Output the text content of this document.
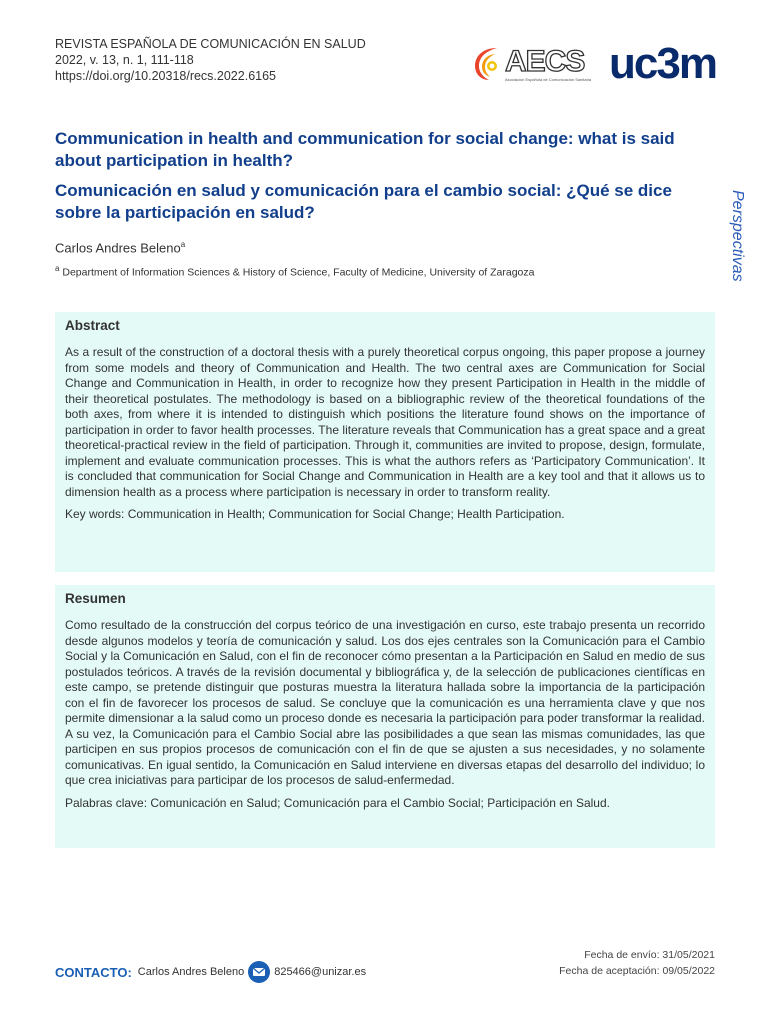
REVISTA ESPAÑOLA DE COMUNICACIÓN EN SALUD
2022, v. 13, n. 1, 111-118
https://doi.org/10.20318/recs.2022.6165	AECS
Asociación Española de Comunicación Sanitaria uc3m
Communication in health and communication for social change: what is said about participation in health?
Comunicación en salud y comunicación para el cambio social: ¿Qué se dice sobre la participación en salud?	Perspectivas
Carlos Andres Beleno$^a$
$^a$ Department of Information Sciences & History of Science, Faculty of Medicine, University of Zaragoza
Abstract

As a result of the construction of a doctoral thesis with a purely theoretical corpus ongoing, this paper propose a journey from some models and theory of Communication and Health. The two central axes are Communication for Social Change and Communication in Health, in order to recognize how they present Participation in Health in the middle of their theoretical postulates. The methodology is based on a bibliographic review of the theoretical foundations of the both axes, from where it is intended to distinguish which positions the literature found shows on the importance of participation in order to favor health processes. The literature reveals that Communication has a great space and a great theoretical-practical review in the field of participation. Through it, communities are invited to propose, design, formulate, implement and evaluate communication processes. This is what the authors refers as ‘Participatory Communication’. It is concluded that communication for Social Change and Communication in Health are a key tool and that it allows us to dimension health as a process where participation is necessary in order to transform reality.

Key words: Communication in Health; Communication for Social Change; Health Participation.

Resumen

Como resultado de la construcción del corpus teórico de una investigación en curso, este trabajo presenta un recorrido desde algunos modelos y teoría de comunicación y salud. Los dos ejes centrales son la Comunicación para el Cambio Social y la Comunicación en Salud, con el fin de reconocer cómo presentan a la Participación en Salud en medio de sus postulados teóricos. A través de la revisión documental y bibliográfica y, de la selección de publicaciones científicas en este campo, se pretende distinguir que posturas muestra la literatura hallada sobre la importancia de la participación con el fin de favorecer los procesos de salud. Se concluye que la comunicación es una herramienta clave y que nos permite dimensionar a la salud como un proceso donde es necesaria la participación para poder transformar la realidad. A su vez, la Comunicación para el Cambio Social abre las posibilidades a que sean las mismas comunidades, las que participen en sus propios procesos de comunicación con el fin de que se ajusten a sus necesidades, y no solamente comunicativas. En igual sentido, la Comunicación en Salud interviene en diversas etapas del desarrollo del individuo; lo que crea iniciativas para participar de los procesos de salud-enfermedad.

Palabras clave: Comunicación en Salud; Comunicación para el Cambio Social; Participación en Salud.

Fecha de envío: 31/05/2021
Fecha de aceptación: 09/05/2022
CONTACTO: Carlos Andres Beleno	825466@unizar.es
